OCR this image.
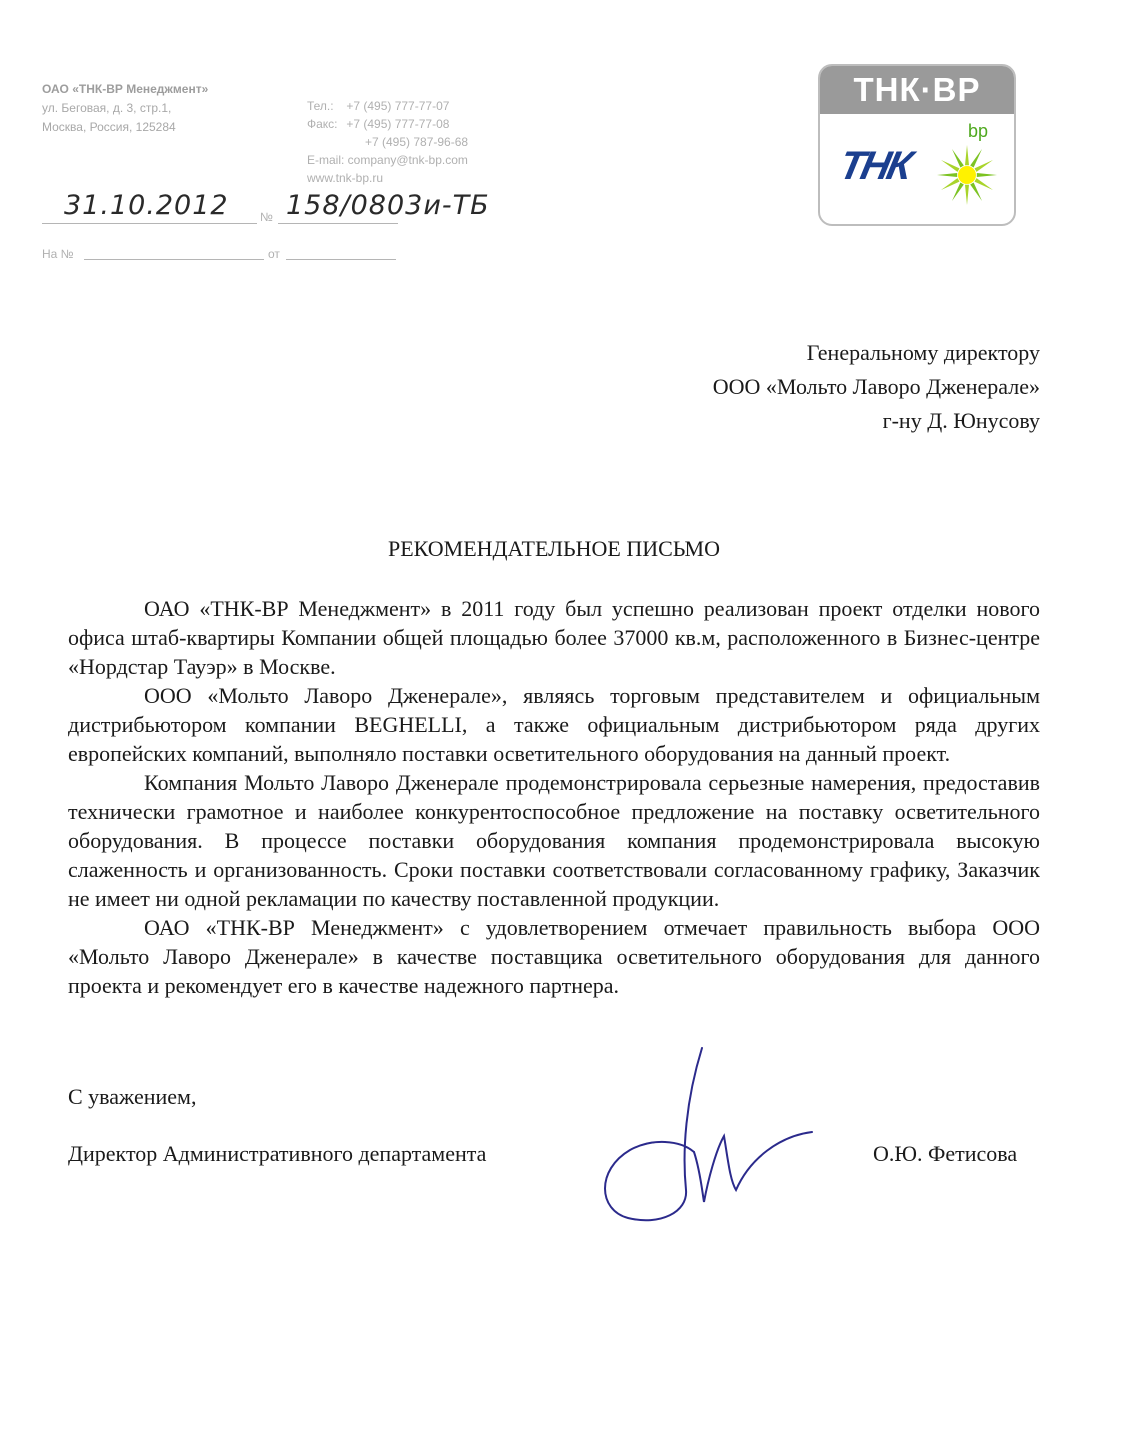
ОАО «ТНК-ВР Менеджмент»
ул. Беговая, д. 3, стр.1,
Москва, Россия, 125284
Тел.: +7 (495) 777-77-07
Факс: +7 (495) 777-77-08
+7 (495) 787-96-68
E-mail: company@tnk-bp.com
www.tnk-bp.ru
ТНК·ВР
ТНК
bp
31.10.2012	№ 158/0803и-ТБ
На №	от
Генеральному директору
ООО «Мольто Лаворо Дженерале»
г-ну Д. Юнусову
РЕКОМЕНДАТЕЛЬНОЕ ПИСЬМО

ОАО «ТНК-ВР Менеджмент» в 2011 году был успешно реализован проект отделки нового офиса штаб-квартиры Компании общей площадью более 37000 кв.м, расположенного в Бизнес-центре «Нордстар Тауэр» в Москве.

ООО «Мольто Лаворо Дженерале», являясь торговым представителем и официальным дистрибьютором компании BEGHELLI, а также официальным дистрибьютором ряда других европейских компаний, выполняло поставки осветительного оборудования на данный проект.

Компания Мольто Лаворо Дженерале продемонстрировала серьезные намерения, предоставив технически грамотное и наиболее конкурентоспособное предложение на поставку осветительного оборудования. В процессе поставки оборудования компания продемонстрировала высокую слаженность и организованность. Сроки поставки соответствовали согласованному графику, Заказчик не имеет ни одной рекламации по качеству поставленной продукции.

ОАО «ТНК-ВР Менеджмент» с удовлетворением отмечает правильность выбора ООО «Мольто Лаворо Дженерале» в качестве поставщика осветительного оборудования для данного проекта и рекомендует его в качестве надежного партнера.

С уважением,
Директор Административного департамента	О.Ю. Фетисова
